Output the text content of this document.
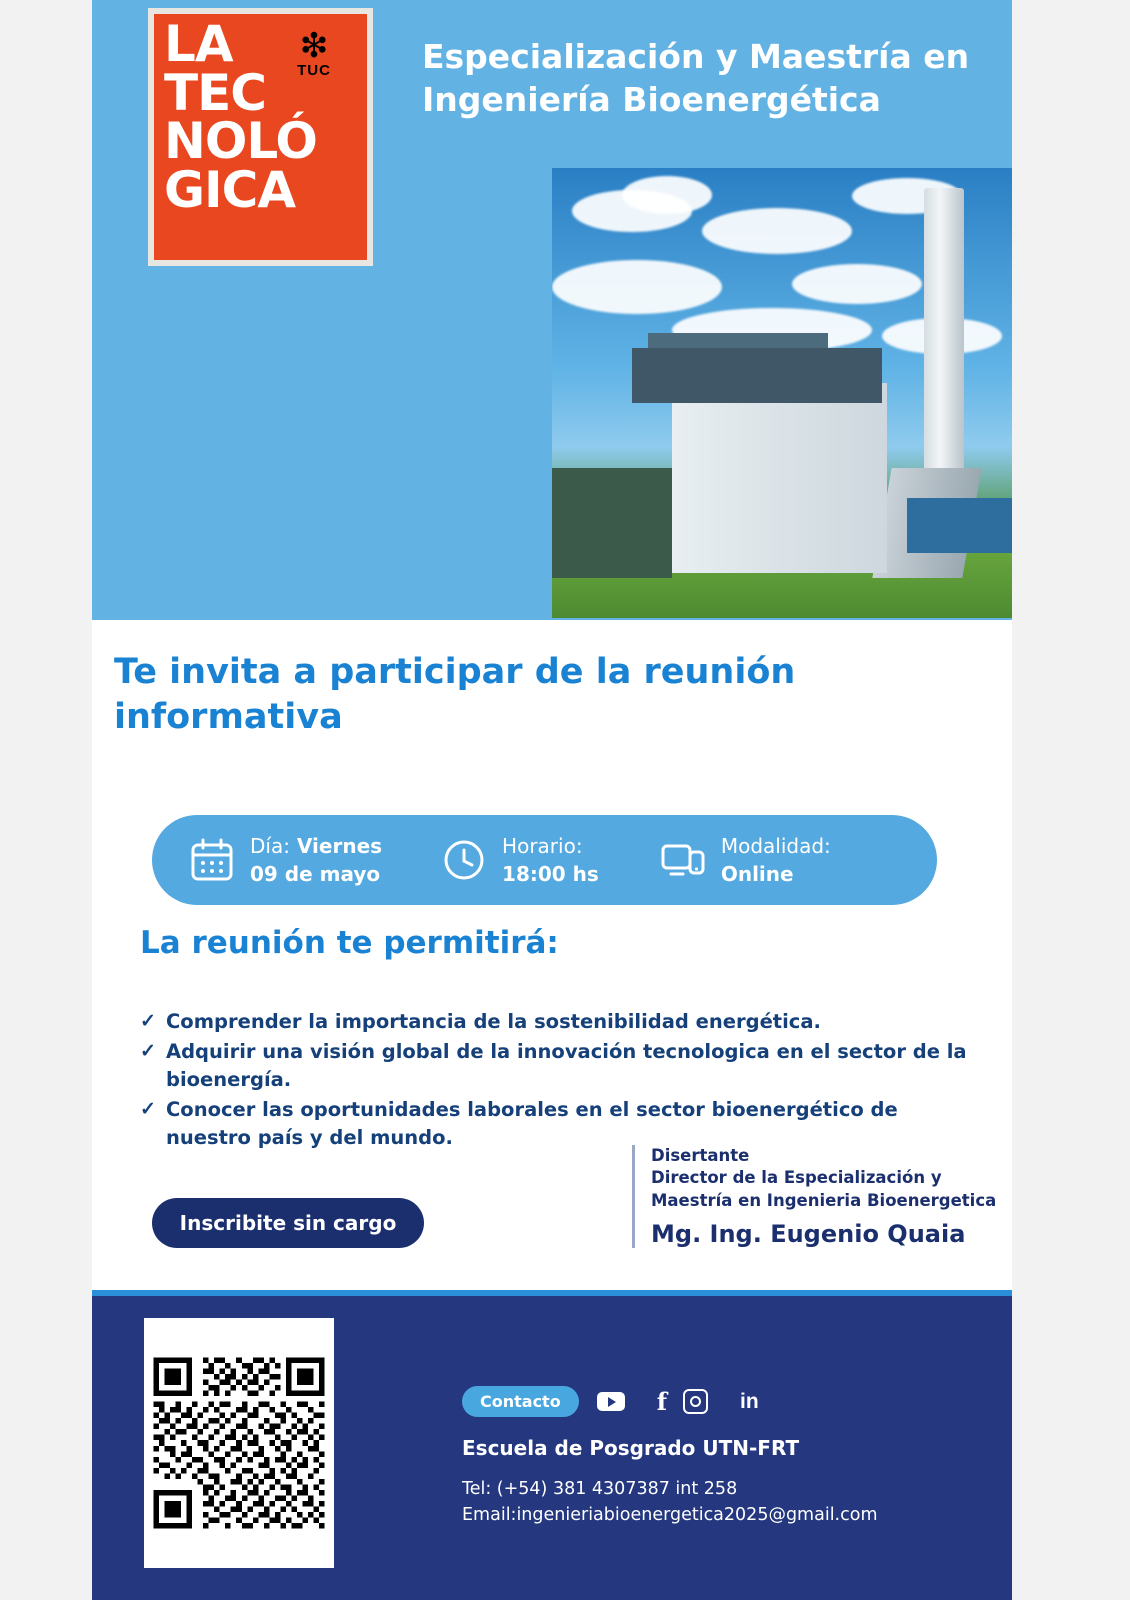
LA
TEC
NOLÓ
GICA
❇
TUC	Especialización y Maestría en Ingeniería Bioenergética
Te invita a participar de la reunión informativa
Día: Viernes
09 de mayo
Horario:
18:00 hs
Modalidad:
Online
La reunión te permitirá:
✓ Comprender la importancia de la sostenibilidad energética.
✓ Adquirir una visión global de la innovación tecnologica en el sector de la bioenergía.
✓ Conocer las oportunidades laborales en el sector bioenergético de nuestro país y del mundo.
Inscribite sin cargo
Disertante
Director de la Especialización y
Maestría en Ingenieria Bioenergetica
Mg. Ing. Eugenio Quaia
Contacto	f	in
Escuela de Posgrado UTN-FRT
Tel: (+54) 381 4307387 int 258
Email:ingenieriabioenergetica2025@gmail.com
